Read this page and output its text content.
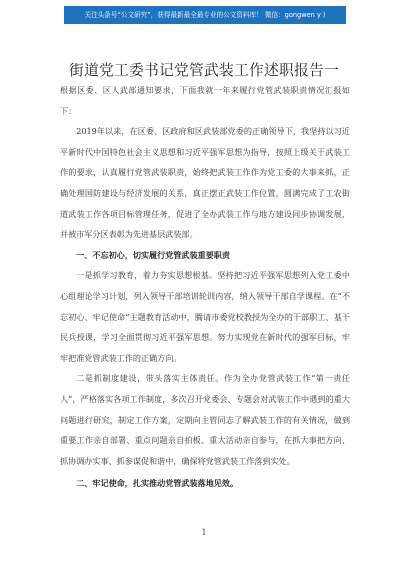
关注头条号“公文研究”，获得最新最全最专业的公文资料库！ 微信：gongwen y )
街道党工委书记党管武装工作述职报告一

根据区委、区人武部通知要求，下面我就一年来履行党管武装职责情况汇报如下：

2019年以来，在区委、区政府和区武装部党委的正确领导下，我坚持以习近平新时代中国特色社会主义思想和习近平强军思想为指导，按照上级关于武装工作的要求，认真履行党管武装职责，始终把武装工作作为党工委的大事来抓，正确处理国防建设与经济发展的关系，真正摆正武装工作位置，圆满完成了工农街道武装工作各项目标管理任务，促进了全办武装工作与地方建设同步协调发展，并被市军分区表彰为先进基层武装部。

一、不忘初心，切实履行党管武装重要职责

一是抓学习教育，着力夯实思想根基。坚持把习近平强军思想列入党工委中心组理论学习计划，列入领导干部培训轮训内容，纳入领导干部自学课程。在“不忘初心、牢记使命”主题教育活动中，腾请市委党校教授为全办的干部职工、基干民兵授课，学习全面贯彻习近平强军思想。努力实现党在新时代的强军目标，牢牢把准党管武装工作的正确方向。

二是抓制度建设，带头落实主体责任。作为全办党管武装工作“第一责任人”，严格落实各项工作制度，多次召开党委会、专题会对武装工作中遇到的重大问题进行研究，制定工作方案，定期向主管同志了解武装工作的有关情况，做到重要工作亲自部署、重点问题亲自拍板、重大活动亲自参与，在抓大事把方向、抓协调办实事、抓参谋促和谐中，确保将党管武装工作落到实处。

二、牢记使命，扎实推动党管武装落地见效。

1
